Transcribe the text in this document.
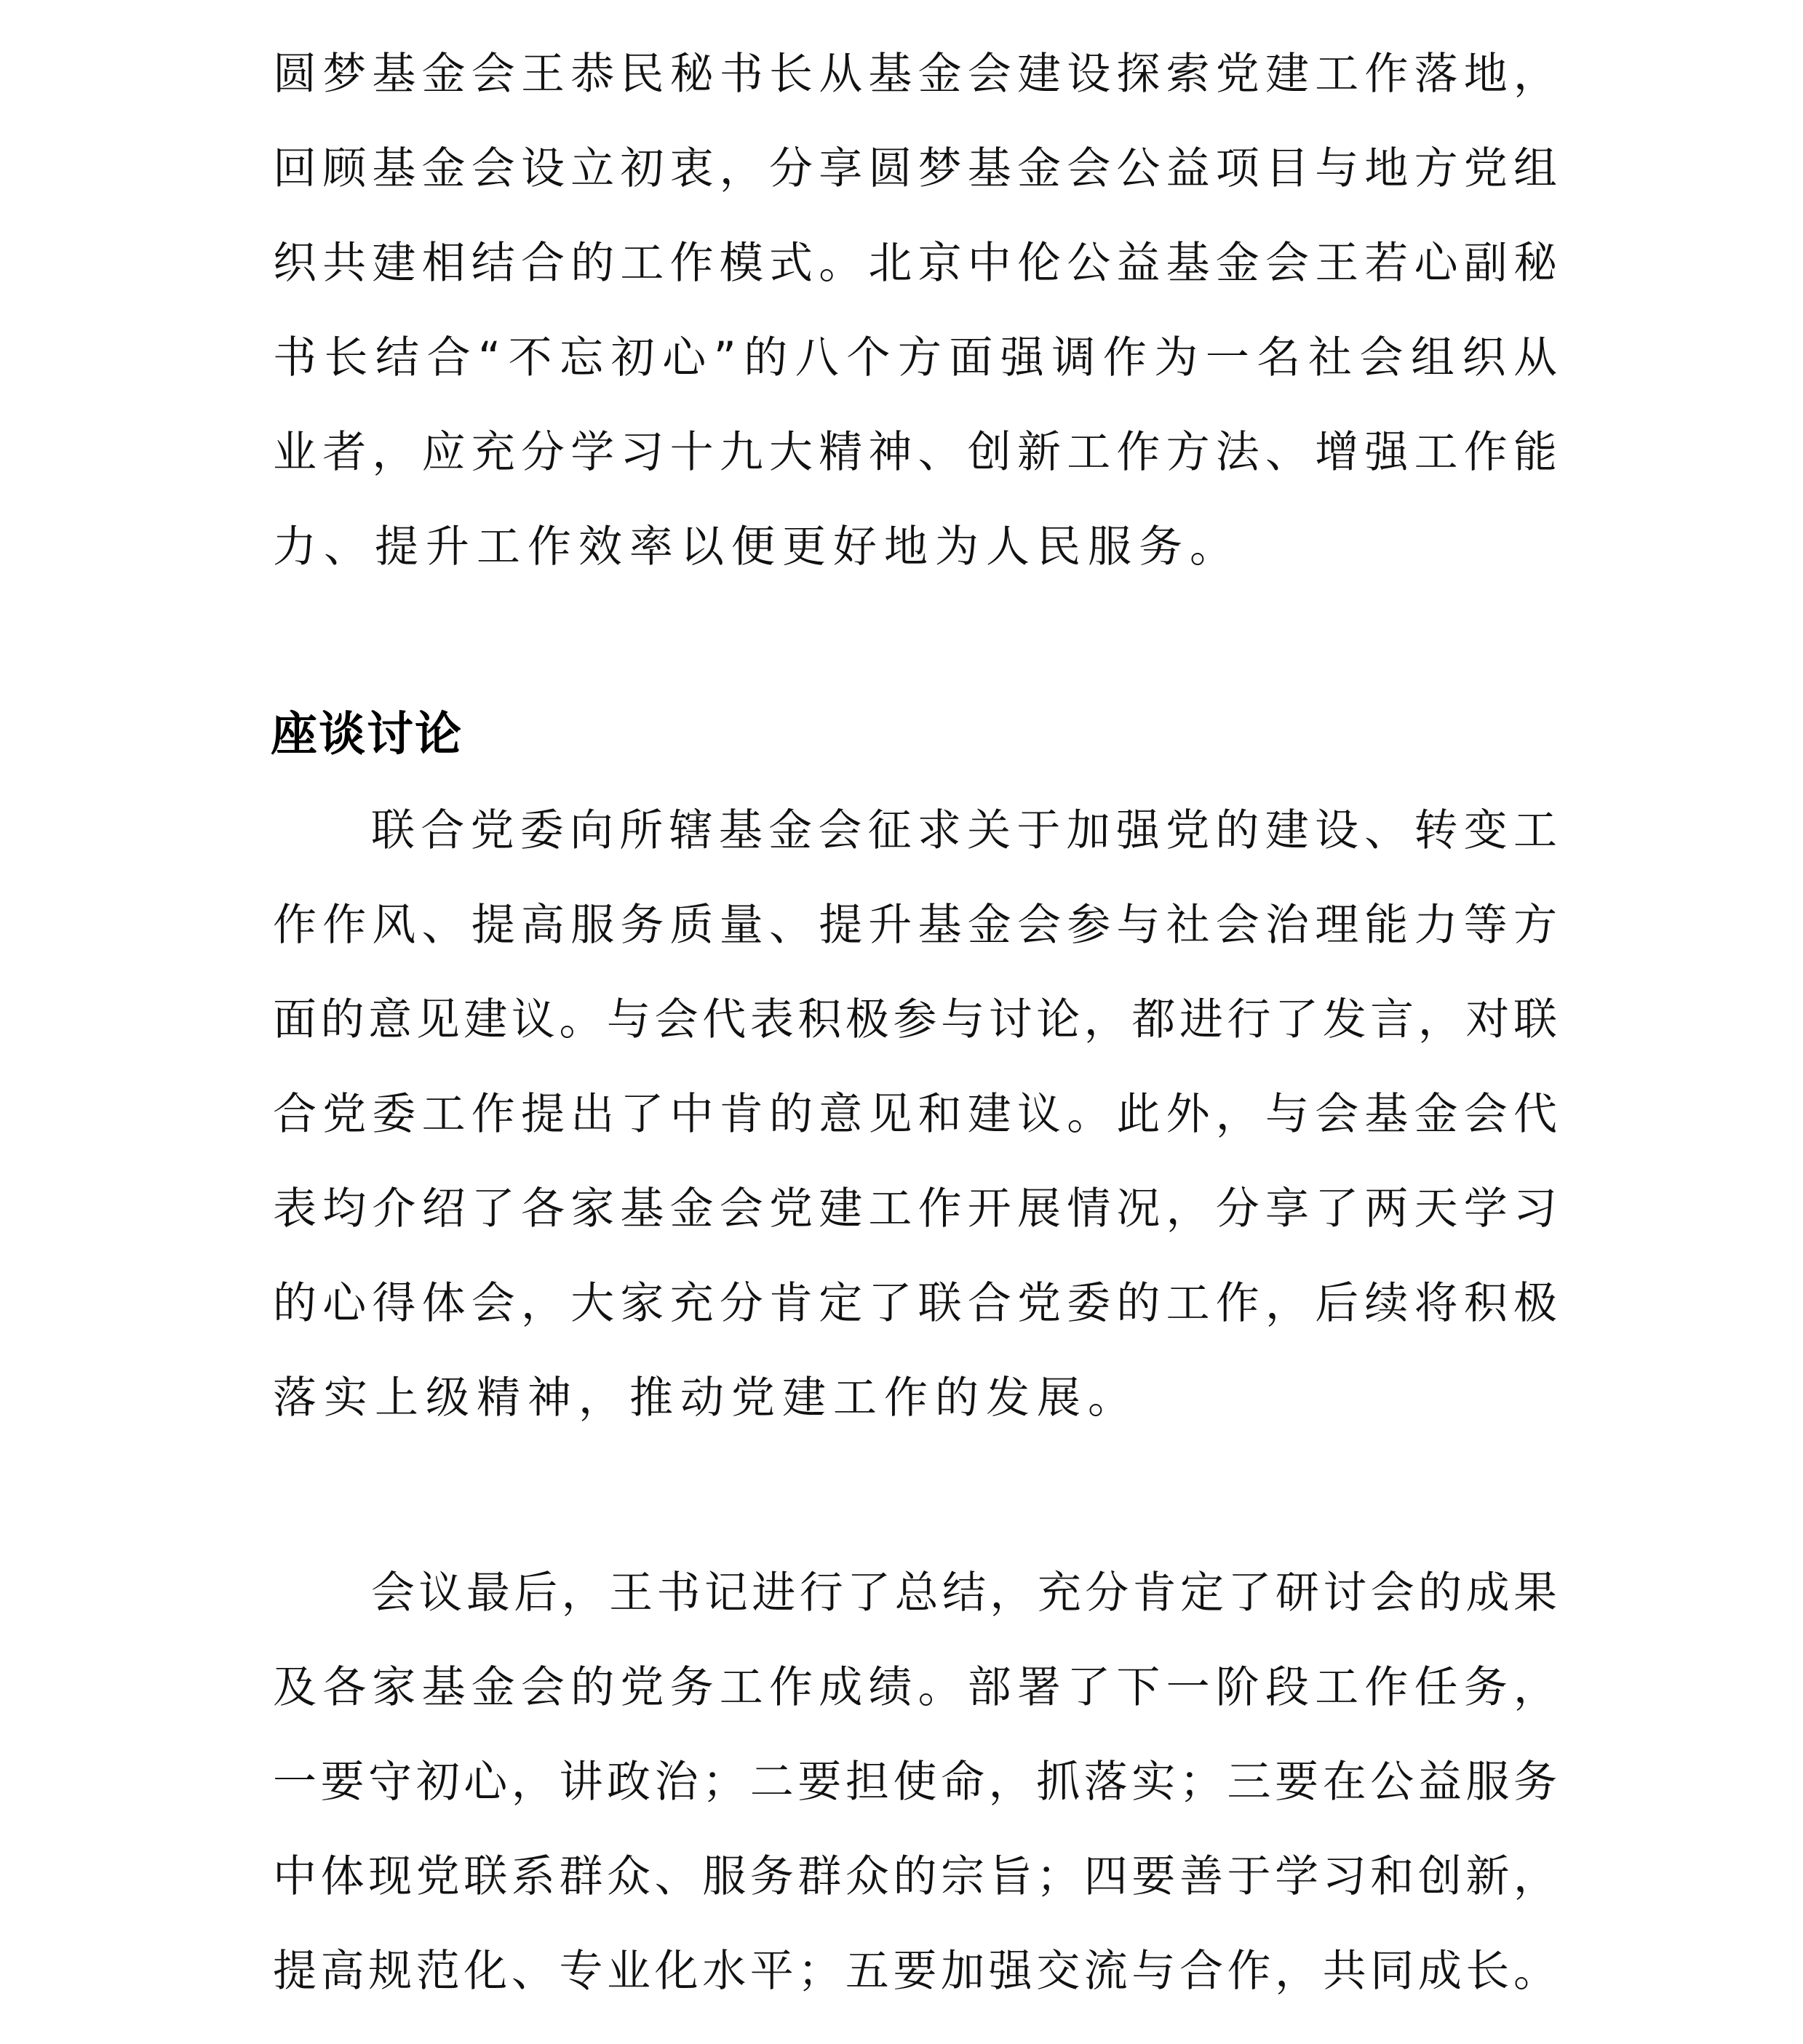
圆梦基金会王恭民秘书长从基金会建设探索党建工作落地，
回顾基金会设立初衷，分享圆梦基金会公益项目与地方党组
织共建相结合的工作模式。北京中伦公益基金会王若心副秘
书长结合“不忘初心”的八个方面强调作为一名社会组织从
业者，应充分学习十九大精神、创新工作方法、增强工作能
力、提升工作效率以便更好地为人民服务。
座谈讨论
联合党委向所辖基金会征求关于加强党的建设、转变工
作作风、提高服务质量、提升基金会参与社会治理能力等方
面的意见建议。与会代表积极参与讨论，都进行了发言，对联
合党委工作提出了中肯的意见和建议。此外，与会基金会代
表均介绍了各家基金会党建工作开展情况，分享了两天学习
的心得体会，大家充分肯定了联合党委的工作，后续将积极
落实上级精神，推动党建工作的发展。
会议最后，王书记进行了总结，充分肯定了研讨会的成果
及各家基金会的党务工作成绩。部署了下一阶段工作任务，
一要守初心，讲政治；二要担使命，抓落实；三要在公益服务
中体现党联系群众、服务群众的宗旨；四要善于学习和创新，
提高规范化、专业化水平；五要加强交流与合作，共同成长。
